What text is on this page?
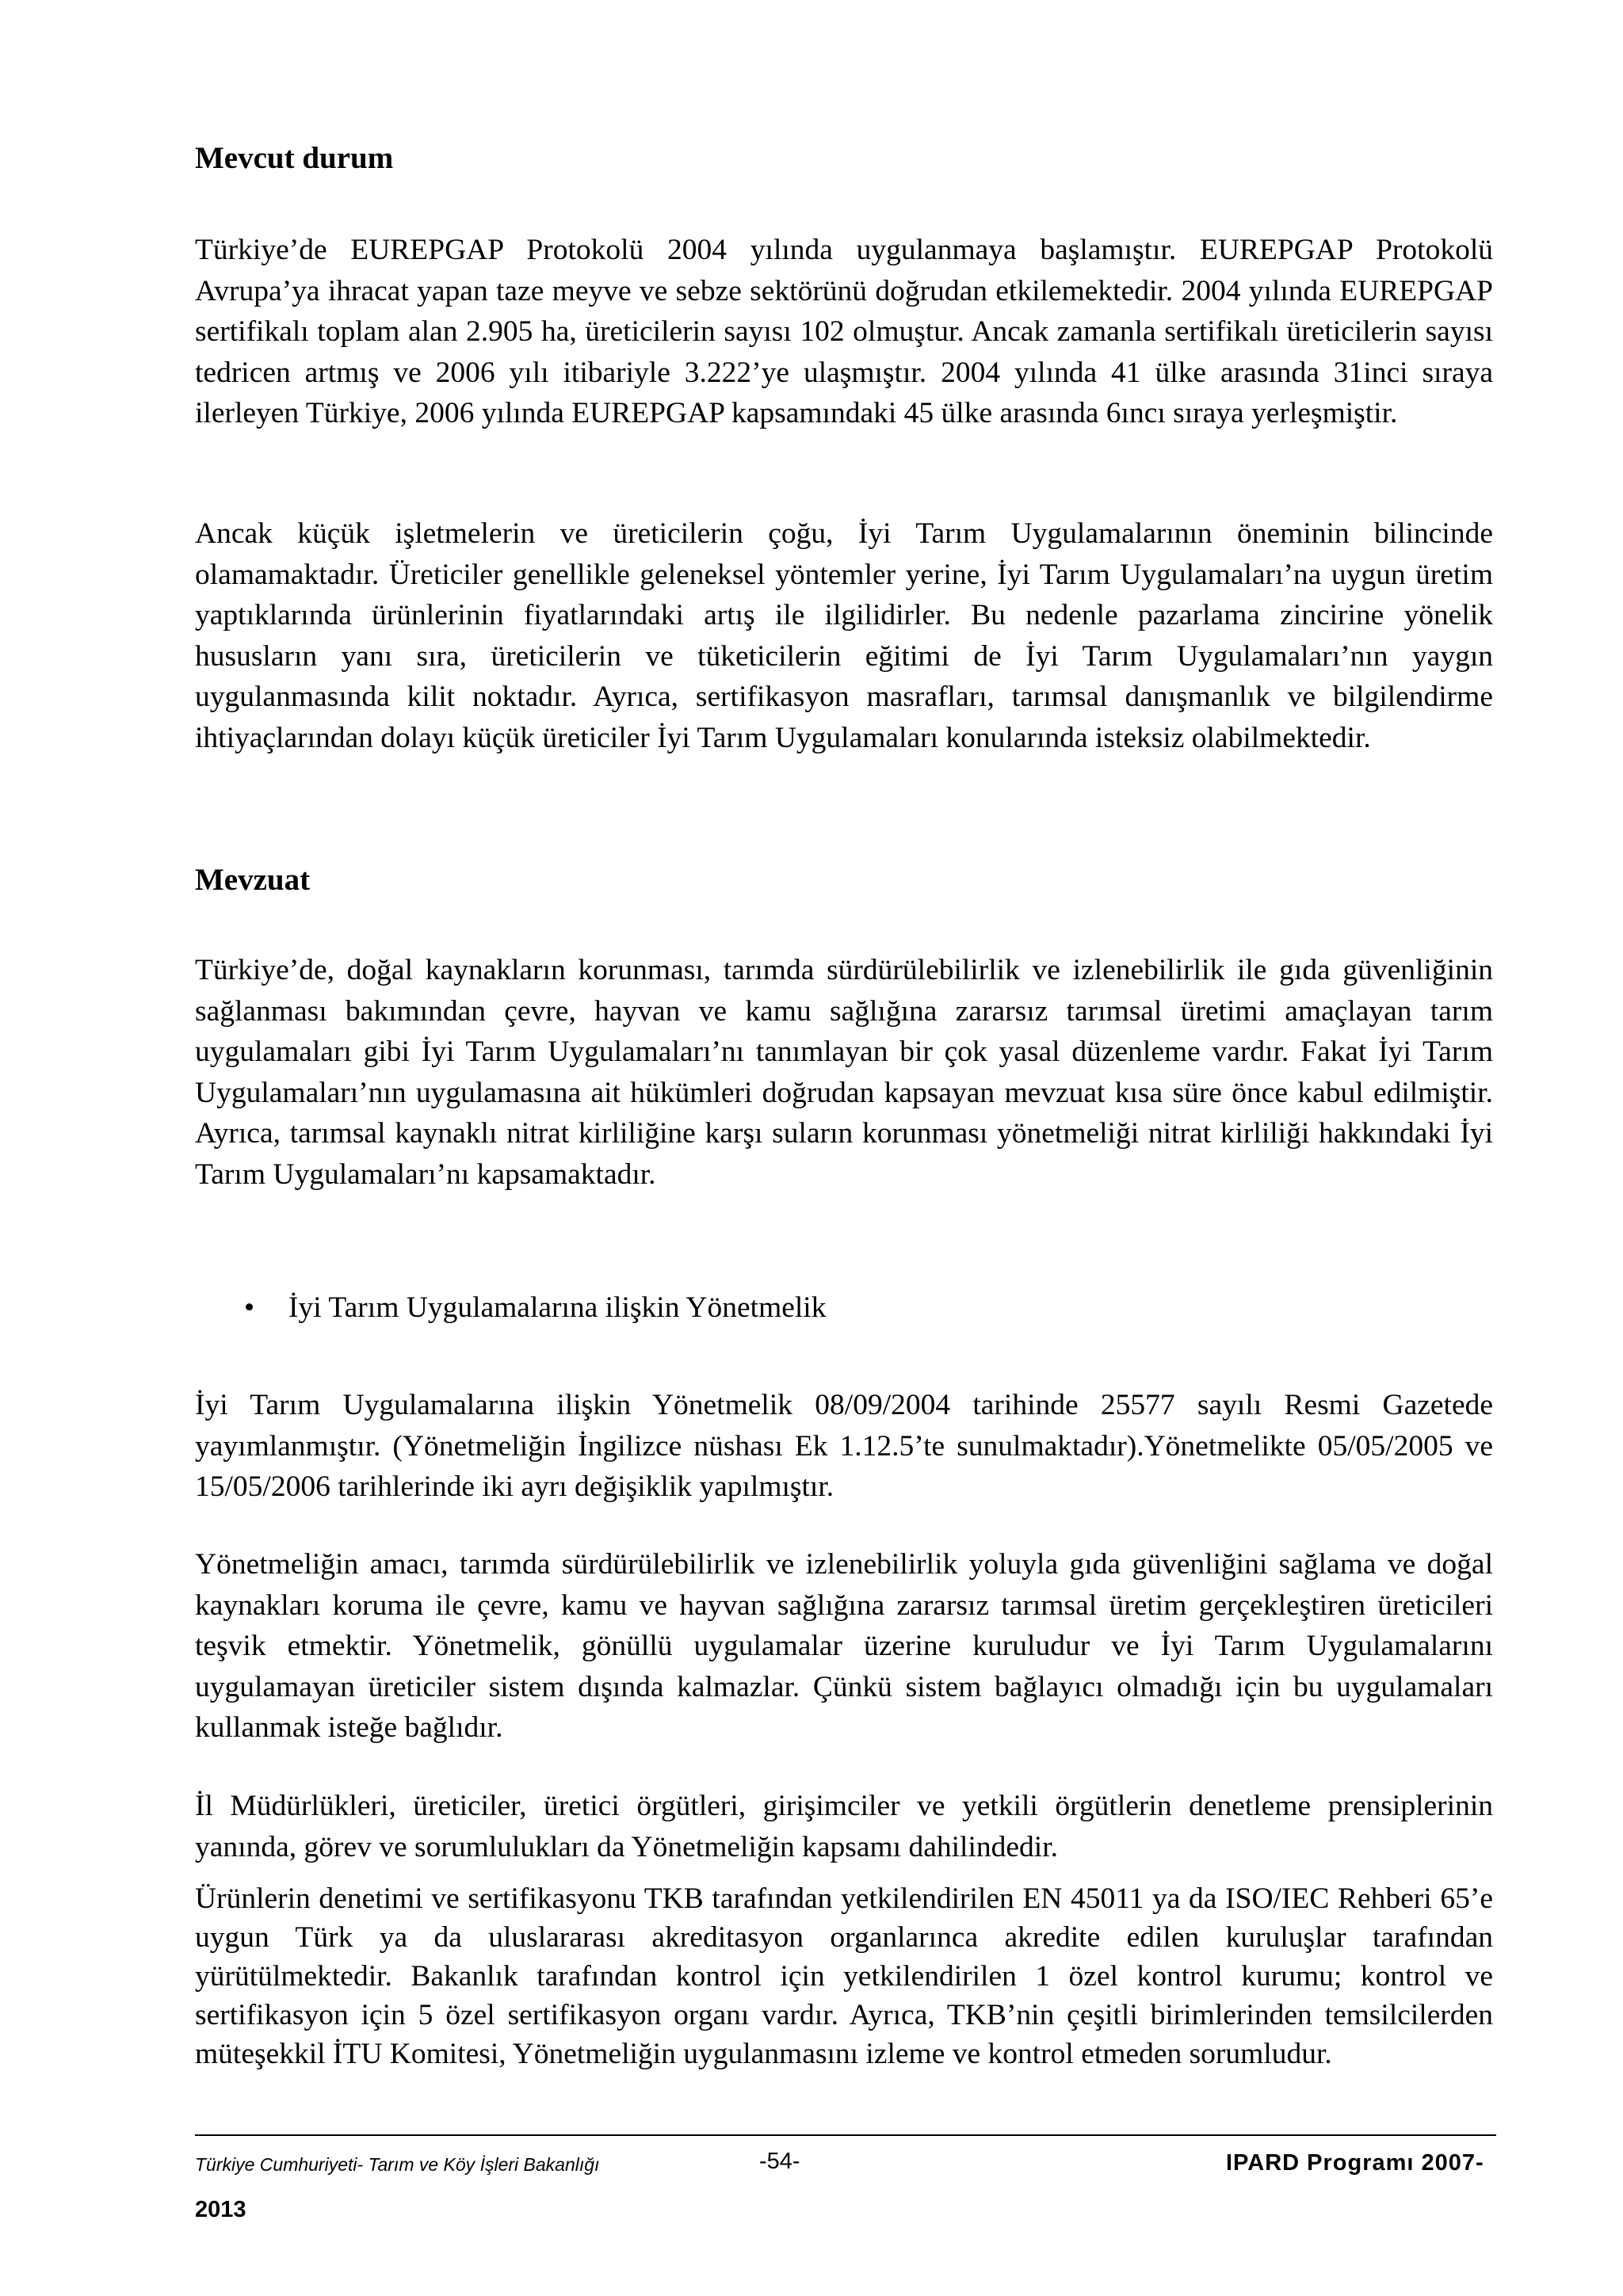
Mevcut durum

Türkiye’de EUREPGAP Protokolü 2004 yılında uygulanmaya başlamıştır. EUREPGAP Protokolü Avrupa’ya ihracat yapan taze meyve ve sebze sektörünü doğrudan etkilemektedir. 2004 yılında EUREPGAP sertifikalı toplam alan 2.905 ha, üreticilerin sayısı 102 olmuştur. Ancak zamanla sertifikalı üreticilerin sayısı tedricen artmış ve 2006 yılı itibariyle 3.222’ye ulaşmıştır. 2004 yılında 41 ülke arasında 31inci sıraya ilerleyen Türkiye, 2006 yılında EUREPGAP kapsamındaki 45 ülke arasında 6ıncı sıraya yerleşmiştir.

Ancak küçük işletmelerin ve üreticilerin çoğu, İyi Tarım Uygulamalarının öneminin bilincinde olamamaktadır. Üreticiler genellikle geleneksel yöntemler yerine, İyi Tarım Uygulamaları’na uygun üretim yaptıklarında ürünlerinin fiyatlarındaki artış ile ilgilidirler. Bu nedenle pazarlama zincirine yönelik hususların yanı sıra, üreticilerin ve tüketicilerin eğitimi de İyi Tarım Uygulamaları’nın yaygın uygulanmasında kilit noktadır. Ayrıca, sertifikasyon masrafları, tarımsal danışmanlık ve bilgilendirme ihtiyaçlarından dolayı küçük üreticiler İyi Tarım Uygulamaları konularında isteksiz olabilmektedir.

Mevzuat

Türkiye’de, doğal kaynakların korunması, tarımda sürdürülebilirlik ve izlenebilirlik ile gıda güvenliğinin sağlanması bakımından çevre, hayvan ve kamu sağlığına zararsız tarımsal üretimi amaçlayan tarım uygulamaları gibi İyi Tarım Uygulamaları’nı tanımlayan bir çok yasal düzenleme vardır. Fakat İyi Tarım Uygulamaları’nın uygulamasına ait hükümleri doğrudan kapsayan mevzuat kısa süre önce kabul edilmiştir. Ayrıca, tarımsal kaynaklı nitrat kirliliğine karşı suların korunması yönetmeliği nitrat kirliliği hakkındaki İyi Tarım Uygulamaları’nı kapsamaktadır.

• İyi Tarım Uygulamalarına ilişkin Yönetmelik

İyi Tarım Uygulamalarına ilişkin Yönetmelik 08/09/2004 tarihinde 25577 sayılı Resmi Gazetede yayımlanmıştır. (Yönetmeliğin İngilizce nüshası Ek 1.12.5’te sunulmaktadır).Yönetmelikte 05/05/2005 ve 15/05/2006 tarihlerinde iki ayrı değişiklik yapılmıştır.

Yönetmeliğin amacı, tarımda sürdürülebilirlik ve izlenebilirlik yoluyla gıda güvenliğini sağlama ve doğal kaynakları koruma ile çevre, kamu ve hayvan sağlığına zararsız tarımsal üretim gerçekleştiren üreticileri teşvik etmektir. Yönetmelik, gönüllü uygulamalar üzerine kuruludur ve İyi Tarım Uygulamalarını uygulamayan üreticiler sistem dışında kalmazlar. Çünkü sistem bağlayıcı olmadığı için bu uygulamaları kullanmak isteğe bağlıdır.

İl Müdürlükleri, üreticiler, üretici örgütleri, girişimciler ve yetkili örgütlerin denetleme prensiplerinin yanında, görev ve sorumlulukları da Yönetmeliğin kapsamı dahilindedir.

Ürünlerin denetimi ve sertifikasyonu TKB tarafından yetkilendirilen EN 45011 ya da ISO/IEC Rehberi 65’e uygun Türk ya da uluslararası akreditasyon organlarınca akredite edilen kuruluşlar tarafından yürütülmektedir. Bakanlık tarafından kontrol için yetkilendirilen 1 özel kontrol kurumu; kontrol ve sertifikasyon için 5 özel sertifikasyon organı vardır. Ayrıca, TKB’nin çeşitli birimlerinden temsilcilerden müteşekkil İTU Komitesi, Yönetmeliğin uygulanmasını izleme ve kontrol etmeden sorumludur.

Türkiye Cumhuriyeti- Tarım ve Köy İşleri Bakanlığı	-54-	IPARD Programı 2007-
2013
